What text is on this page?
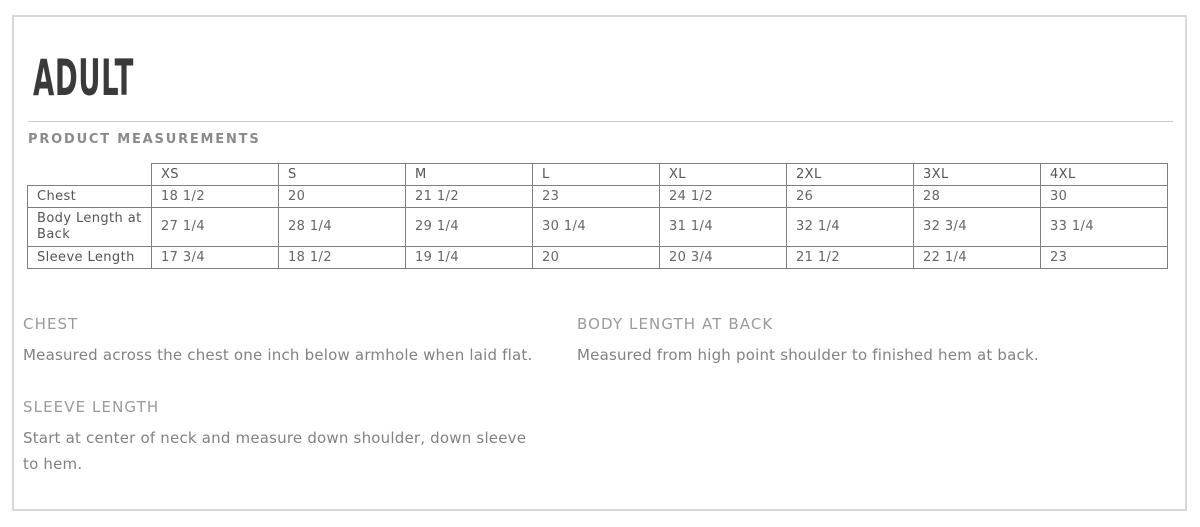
ADULT
PRODUCT MEASUREMENTS
	XS	S	M	L	XL	2XL	3XL	4XL
Chest	18 1/2	20	21 1/2	23	24 1/2	26	28	30
Body Length at Back	27 1/4	28 1/4	29 1/4	30 1/4	31 1/4	32 1/4	32 3/4	33 1/4
Sleeve Length	17 3/4	18 1/2	19 1/4	20	20 3/4	21 1/2	22 1/4	23
CHEST
Measured across the chest one inch below armhole when laid flat.
BODY LENGTH AT BACK
Measured from high point shoulder to finished hem at back.
SLEEVE LENGTH
Start at center of neck and measure down shoulder, down sleeve to hem.
